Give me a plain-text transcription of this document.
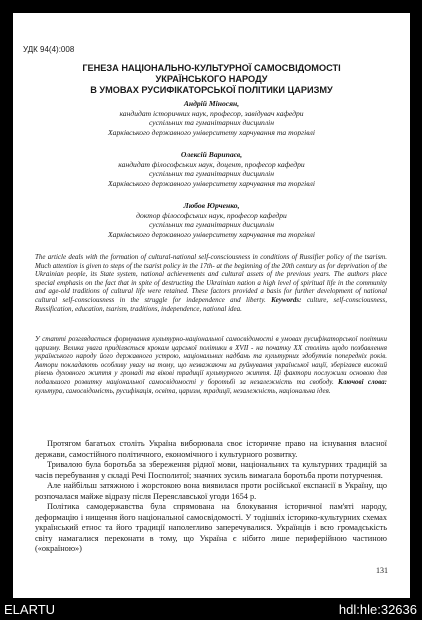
УДК 94(4):008
ГЕНЕЗА НАЦІОНАЛЬНО-КУЛЬТУРНОЇ САМОСВІДОМОСТІ
УКРАЇНСЬКОГО НАРОДУ
В УМОВАХ РУСИФІКАТОРСЬКОЇ ПОЛІТИКИ ЦАРИЗМУ
Андрій Міносян,
кандидат історичних наук, професор, завідувач кафедри
суспільних та гуманітарних дисциплін
Харківського державного університету харчування та торгівлі
Олексій Варипаєв,
кандидат філософських наук, доцент, професор кафедри
суспільних та гуманітарних дисциплін
Харківського державного університету харчування та торгівлі
Любов Юрченко,
доктор філософських наук, професор кафедри
суспільних та гуманітарних дисциплін
Харківського державного університету харчування та торгівлі
The article deals with the formation of cultural-national self-consciousness in conditions of Russifier policy of the tsarism. Much attention is given to steps of the tsarist policy in the 17th- at the beginning of the 20th century as for deprivation of the Ukrainian people, its State system, national achievements and cultural assets of the previous years. The authors place special emphasis on the fact that in spite of destructing the Ukrainian nation a high level of spiritual life in the community and age-old traditions of cultural life were retained. These factors provided a basis for further development of national cultural self-consciousness in the struggle for independence and liberty. Keywords: culture, self-consciousness, Russification, education, tsarism, traditions, independence, national idea.
У статті розглядається формування культурно-національної самосвідомості в умовах русифікаторської політики царизму. Велика увага приділяється крокам царської політики в XVII - на початку XX століть щодо позбавлення українського народу його державного устрою, національних надбань та культурних здобутків попередніх років. Автори покладають особливу увагу на тому, що незважаючи на руйнування української нації, зберігався високий рівень духовного життя у громаді та вікові традиції культурного життя. Ці фактори послужили основою для подальшого розвитку національної самосвідомості у боротьбі за незалежність та свободу. Ключові слова: культура, самосвідомість, русифікація, освіта, царизм, традиції, незалежність, національна ідея.

Протягом багатьох століть Україна виборювала своє історичне право на існування власної держави, самостійного політичного, економічного і культурного розвитку.

Тривалою була боротьба за збереження рідної мови, національних та культурних традицій за часів перебування у складі Речі Посполитої; значних зусиль вимагала боротьба проти потурчення.

Але найбільш затяжною і жорстокою вона виявилася проти російської експансії в Україну, що розпочалася майже відразу після Переяславської угоди 1654 р.

Політика самодержавства була спрямована на блокування історичної пам'яті народу, деформацію і нищення його національної самосвідомості. У тодішніх історико-культурних схемах український етнос та його традиції наполегливо заперечувалися. Українців і всю громадськість світу намагалися переконати в тому, що Україна є нібито лише периферійною частиною («окраїною»)

131
ELARTU	hdl:hle:32636
